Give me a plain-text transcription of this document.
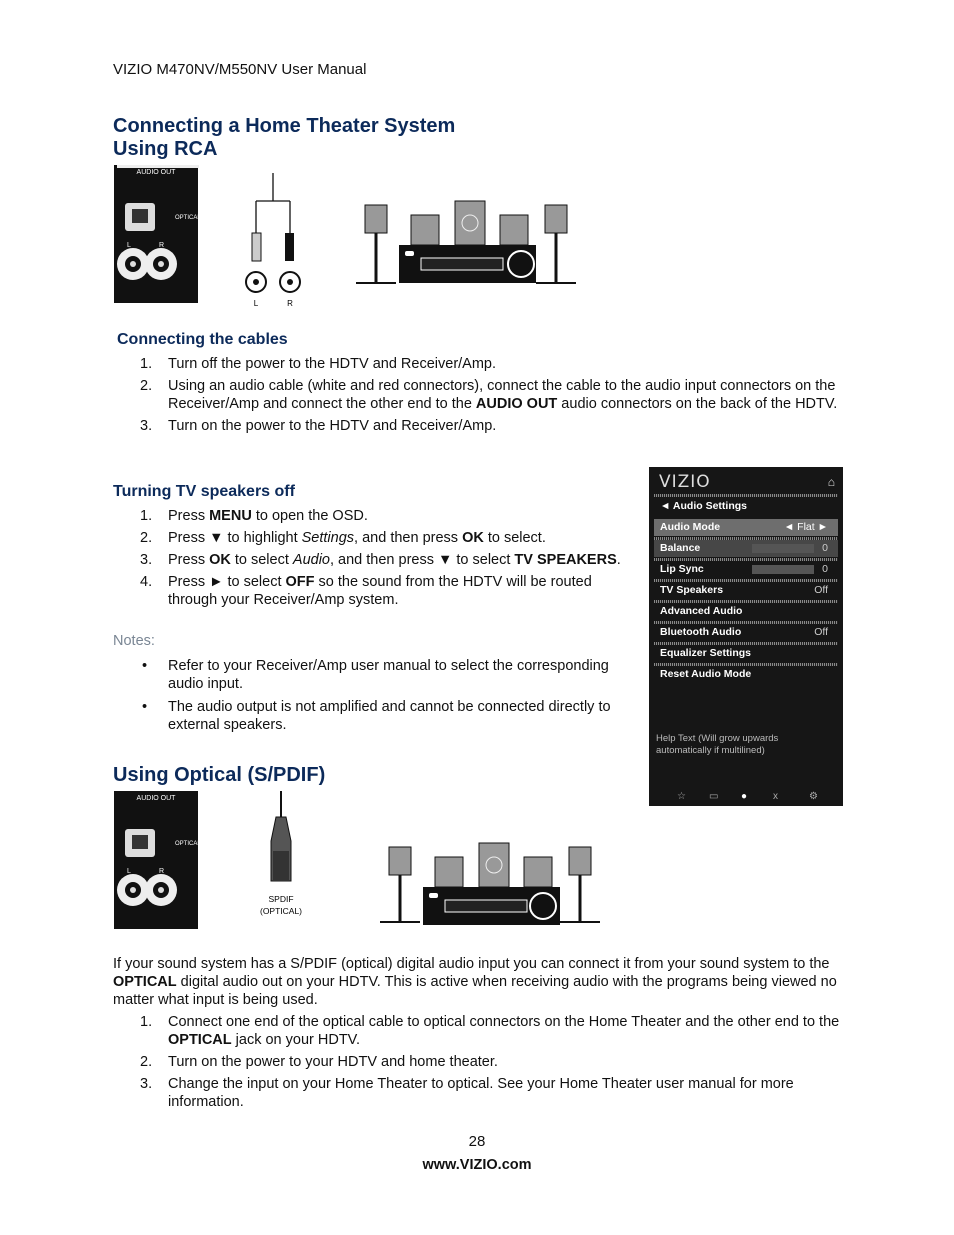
VIZIO M470NV/M550NV User Manual
Connecting a Home Theater System
Using RCA
AUDIO OUT
OPTICAL
L	R
L	R
Connecting the cables
1. Turn off the power to the HDTV and Receiver/Amp.
2. Using an audio cable (white and red connectors), connect the cable to the audio input connectors on the Receiver/Amp and connect the other end to the AUDIO OUT audio connectors on the back of the HDTV.
3. Turn on the power to the HDTV and Receiver/Amp.
Turning TV speakers off
1. Press MENU to open the OSD.
2. Press ▼ to highlight Settings, and then press OK to select.
3. Press OK to select Audio, and then press ▼ to select TV SPEAKERS.
4. Press ► to select OFF so the sound from the HDTV will be routed through your Receiver/Amp system.
Notes:
• Refer to your Receiver/Amp user manual to select the corresponding audio input.
• The audio output is not amplified and cannot be connected directly to external speakers.
VIZIO	⌂
◄ Audio Settings
Audio Mode	◄ Flat ►
Balance	0
Lip Sync	0
TV Speakers	Off
Advanced Audio
Bluetooth Audio	Off
Equalizer Settings
Reset Audio Mode
Help Text (Will grow upwards
automatically if multilined)
☆ ▭ ●	x	⚙
Using Optical (S/PDIF)
AUDIO OUT
OPTICAL
L	R
SPDIF
(OPTICAL)
If your sound system has a S/PDIF (optical) digital audio input you can connect it from your sound system to the OPTICAL digital audio out on your HDTV. This is active when receiving audio with the programs being viewed no matter what input is being used.
1. Connect one end of the optical cable to optical connectors on the Home Theater and the other end to the OPTICAL jack on your HDTV.
2. Turn on the power to your HDTV and home theater.
3. Change the input on your Home Theater to optical. See your Home Theater user manual for more information.
28
www.VIZIO.com
